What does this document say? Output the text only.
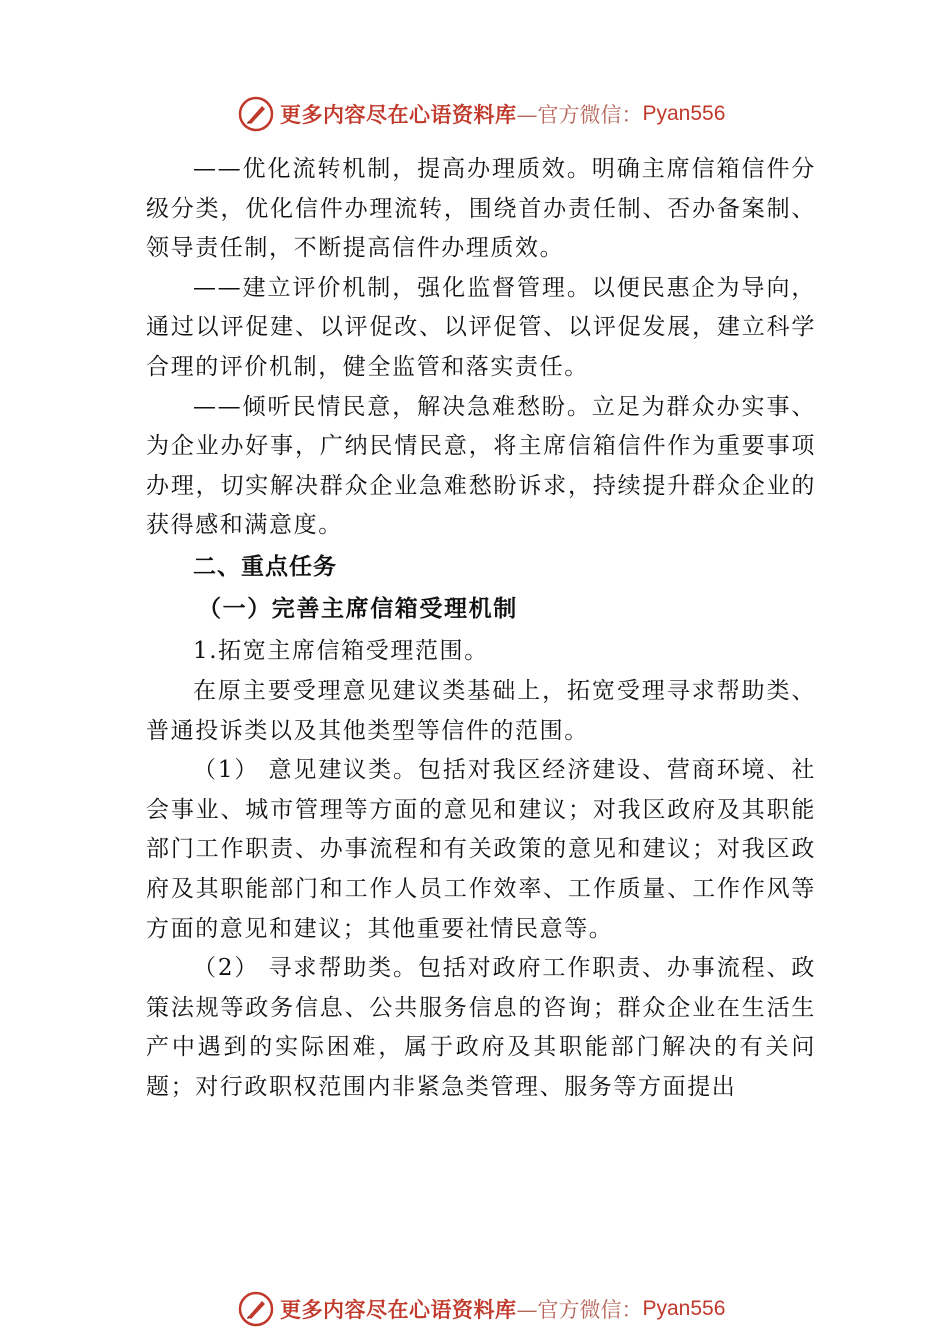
更多内容尽在心语资料库 —官方微信： Pyan556

——优化流转机制，提高办理质效。明确主席信箱信件分级分类，优化信件办理流转，围绕首办责任制、否办备案制、领导责任制，不断提高信件办理质效。

——建立评价机制，强化监督管理。以便民惠企为导向，通过以评促建、以评促改、以评促管、以评促发展，建立科学合理的评价机制，健全监管和落实责任。

——倾听民情民意，解决急难愁盼。立足为群众办实事、为企业办好事，广纳民情民意，将主席信箱信件作为重要事项办理，切实解决群众企业急难愁盼诉求，持续提升群众企业的获得感和满意度。

二、重点任务

（一）完善主席信箱受理机制

1.拓宽主席信箱受理范围。

在原主要受理意见建议类基础上，拓宽受理寻求帮助类、普通投诉类以及其他类型等信件的范围。

（1） 意见建议类。包括对我区经济建设、营商环境、社会事业、城市管理等方面的意见和建议；对我区政府及其职能部门工作职责、办事流程和有关政策的意见和建议；对我区政府及其职能部门和工作人员工作效率、工作质量、工作作风等方面的意见和建议；其他重要社情民意等。

（2） 寻求帮助类。包括对政府工作职责、办事流程、政策法规等政务信息、公共服务信息的咨询；群众企业在生活生产中遇到的实际困难，属于政府及其职能部门解决的有关问题；对行政职权范围内非紧急类管理、服务等方面提出

更多内容尽在心语资料库 —官方微信： Pyan556
